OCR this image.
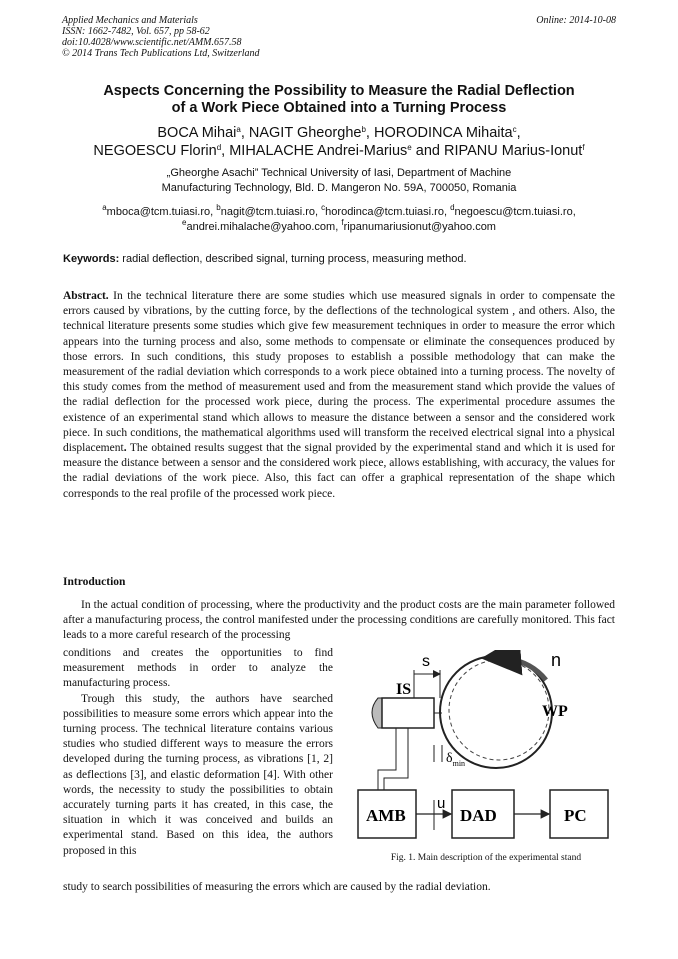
Applied Mechanics and Materials
ISSN: 1662-7482, Vol. 657, pp 58-62
doi:10.4028/www.scientific.net/AMM.657.58
© 2014 Trans Tech Publications Ltd, Switzerland
Online: 2014-10-08
Aspects Concerning the Possibility to Measure the Radial Deflection
of a Work Piece Obtained into a Turning Process
BOCA Mihai$^a$, NAGIT Gheorghe$^b$, HORODINCA Mihaita$^c$,
NEGOESCU Florin$^d$, MIHALACHE Andrei-Marius$^e$ and RIPANU Marius-Ionut$^f$
„Gheorghe Asachi” Technical University of Iasi, Department of Machine
Manufacturing Technology, Bld. D. Mangeron No. 59A, 700050, Romania
$^a$mboca@tcm.tuiasi.ro, $^b$nagit@tcm.tuiasi.ro, $^c$horodinca@tcm.tuiasi.ro, $^d$negoescu@tcm.tuiasi.ro,
$^e$andrei.mihalache@yahoo.com, $^f$ripanumariusionut@yahoo.com
Keywords: radial deflection, described signal, turning process, measuring method.

Abstract. In the technical literature there are some studies which use measured signals in order to compensate the errors caused by vibrations, by the cutting force, by the deflections of the technological system , and others. Also, the technical literature presents some studies which give few measurement techniques in order to measure the error which appears into the turning process and also, some methods to compensate or eliminate the consequences produced by those errors. In such conditions, this study proposes to establish a possible methodology that can make the measurement of the radial deviation which corresponds to a work piece obtained into a turning process. The novelty of this study comes from the method of measurement used and from the measurement stand which provide the values of the radial deflection for the processed work piece, during the process. The experimental procedure assumes the existence of an experimental stand which allows to measure the distance between a sensor and the considered work piece. In such conditions, the mathematical algorithms used will transform the received electrical signal into a physical displacement. The obtained results suggest that the signal provided by the experimental stand and which it is used for measure the distance between a sensor and the considered work piece, allows establishing, with accuracy, the values for the radial deviations of the work piece. Also, this fact can offer a graphical representation of the shape which corresponds to the real profile of the processed work piece.

Introduction

In the actual condition of processing, where the productivity and the product costs are the main parameter followed after a manufacturing process, the control manifested under the processing conditions are carefully monitored. This fact leads to a more careful research of the processing

conditions and creates the opportunities to find measurement methods in order to analyze the manufacturing process.

Trough this study, the authors have searched possibilities to measure some errors which appear into the turning process. The technical literature contains various studies who studied different ways to measure the errors developed during the turning process, as vibrations [1, 2] as deflections [3], and elastic deformation [4]. With other words, the necessity to study the possibilities to obtain accurately turning parts it has created, in this case, the situation in which it was conceived and builds an experimental stand. Based on this idea, the authors proposed in this

study to search possibilities of measuring the errors which are caused by the radial deviation.

s	n
IS
WP
$\delta_{min}$
AMB
u
DAD	PC
Fig. 1. Main description of the experimental stand
